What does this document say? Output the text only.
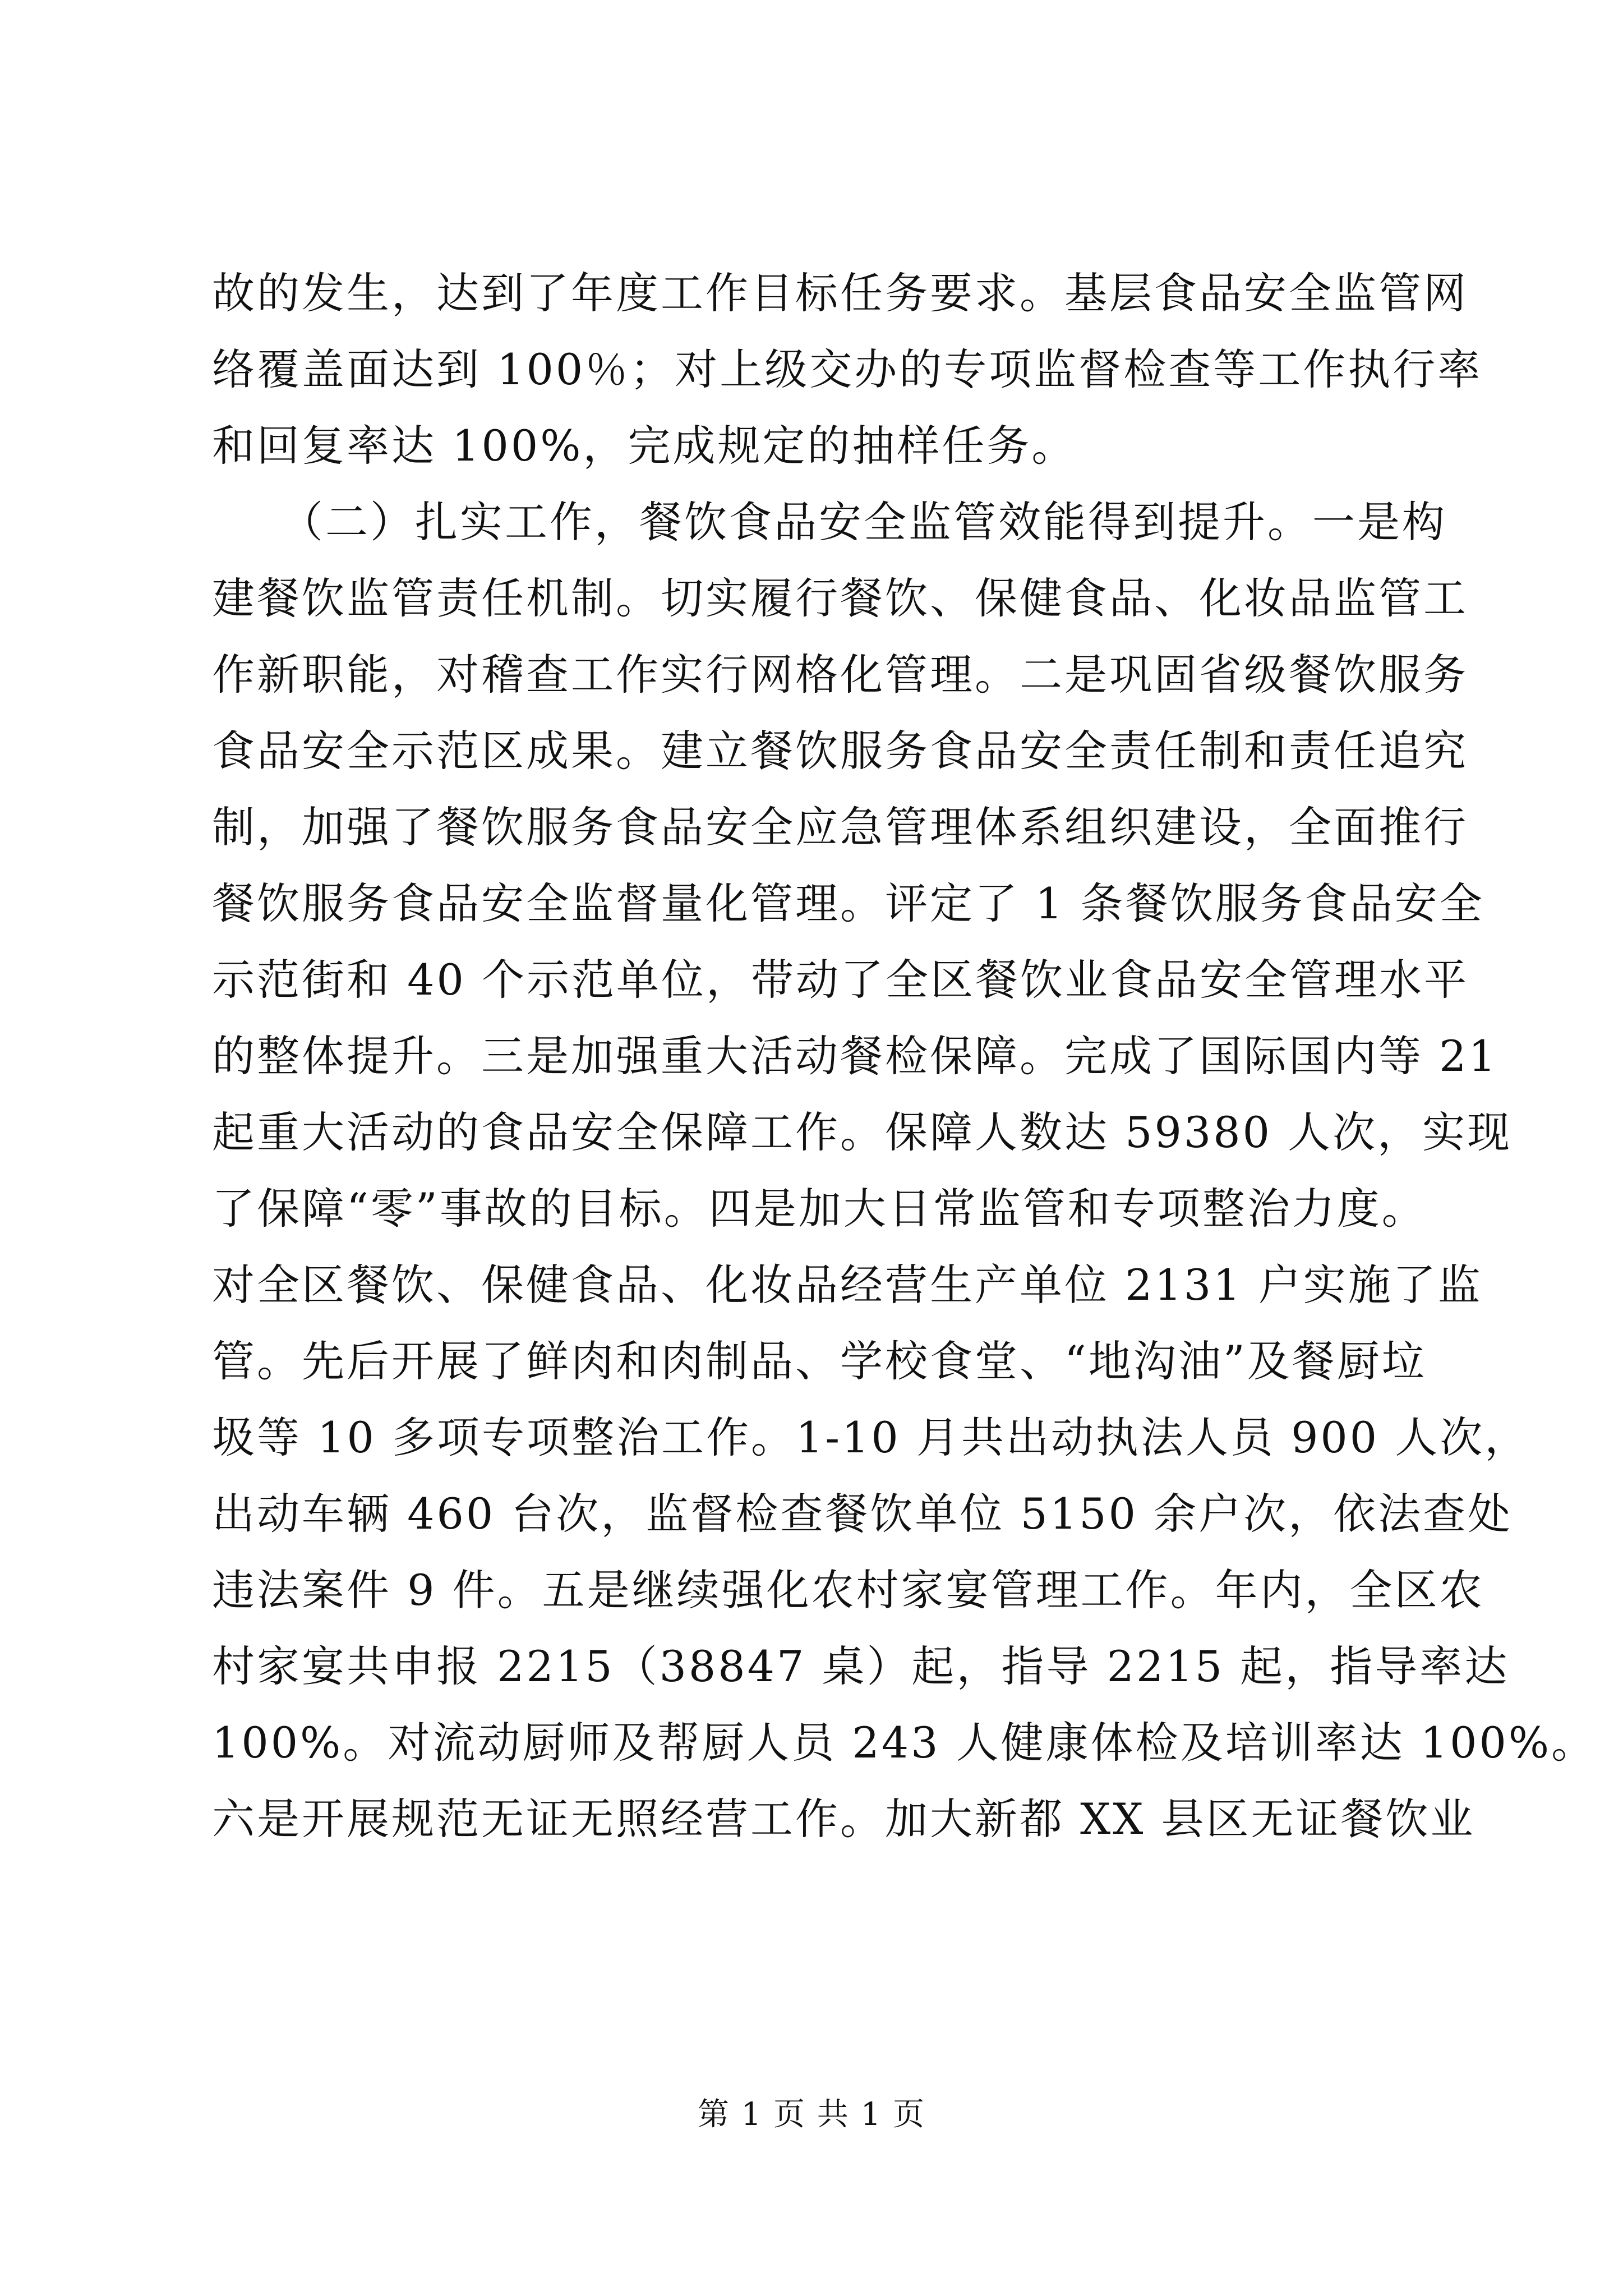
故的发生，达到了年度工作目标任务要求。基层食品安全监管网
络覆盖面达到 100％；对上级交办的专项监督检查等工作执行率
和回复率达 100%，完成规定的抽样任务。
　　（二）扎实工作，餐饮食品安全监管效能得到提升。一是构
建餐饮监管责任机制。切实履行餐饮、保健食品、化妆品监管工
作新职能，对稽查工作实行网格化管理。二是巩固省级餐饮服务
食品安全示范区成果。建立餐饮服务食品安全责任制和责任追究
制，加强了餐饮服务食品安全应急管理体系组织建设，全面推行
餐饮服务食品安全监督量化管理。评定了 1 条餐饮服务食品安全
示范街和 40 个示范单位，带动了全区餐饮业食品安全管理水平
的整体提升。三是加强重大活动餐检保障。完成了国际国内等 21
起重大活动的食品安全保障工作。保障人数达 59380 人次，实现
了保障“零”事故的目标。四是加大日常监管和专项整治力度。
对全区餐饮、保健食品、化妆品经营生产单位 2131 户实施了监
管。先后开展了鲜肉和肉制品、学校食堂、“地沟油”及餐厨垃
圾等 10 多项专项整治工作。1-10 月共出动执法人员 900 人次，
出动车辆 460 台次，监督检查餐饮单位 5150 余户次，依法查处
违法案件 9 件。五是继续强化农村家宴管理工作。年内，全区农
村家宴共申报 2215（38847 桌）起，指导 2215 起，指导率达
100%。对流动厨师及帮厨人员 243 人健康体检及培训率达 100%。
六是开展规范无证无照经营工作。加大新都 XX 县区无证餐饮业
第 1 页 共 1 页
